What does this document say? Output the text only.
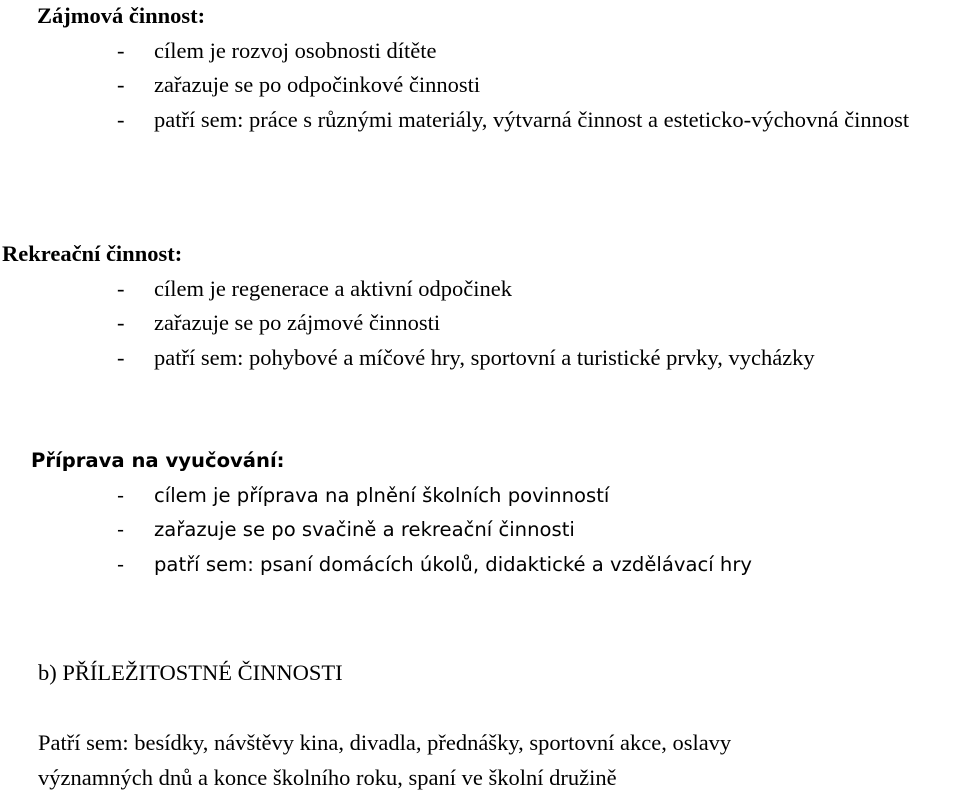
Zájmová činnost:
- cílem je rozvoj osobnosti dítěte
- zařazuje se po odpočinkové činnosti
- patří sem: práce s různými materiály, výtvarná činnost a esteticko-výchovná činnost
Rekreační činnost:
- cílem je regenerace a aktivní odpočinek
- zařazuje se po zájmové činnosti
- patří sem: pohybové a míčové hry, sportovní a turistické prvky, vycházky
Příprava na vyučování:
- cílem je příprava na plnění školních povinností
- zařazuje se po svačině a rekreační činnosti
- patří sem: psaní domácích úkolů, didaktické a vzdělávací hry
b) PŘÍLEŽITOSTNÉ ČINNOSTI
Patří sem: besídky, návštěvy kina, divadla, přednášky, sportovní akce, oslavy
významných dnů a konce školního roku, spaní ve školní družině
